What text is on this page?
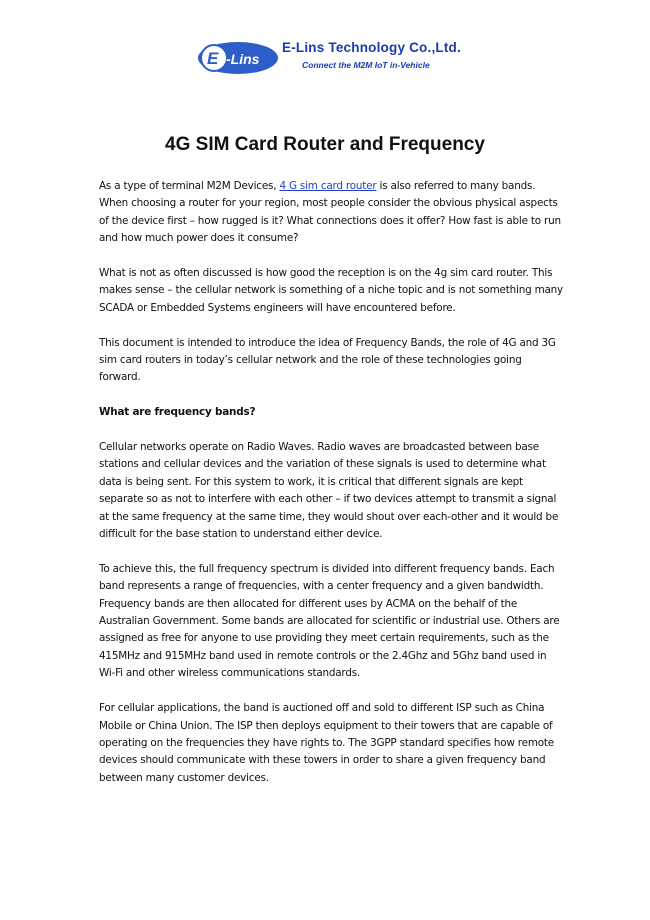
E -Lins
E-Lins Technology Co.,Ltd.
Connect the M2M IoT in-Vehicle
4G SIM Card Router and Frequency

As a type of terminal M2M Devices, 4 G sim card router is also referred to many bands. When choosing a router for your region, most people consider the obvious physical aspects of the device first – how rugged is it? What connections does it offer? How fast is able to run and how much power does it consume?

What is not as often discussed is how good the reception is on the 4g sim card router. This makes sense – the cellular network is something of a niche topic and is not something many SCADA or Embedded Systems engineers will have encountered before.

This document is intended to introduce the idea of Frequency Bands, the role of 4G and 3G sim card routers in today’s cellular network and the role of these technologies going forward.

What are frequency bands?

Cellular networks operate on Radio Waves. Radio waves are broadcasted between base stations and cellular devices and the variation of these signals is used to determine what data is being sent. For this system to work, it is critical that different signals are kept separate so as not to interfere with each other – if two devices attempt to transmit a signal at the same frequency at the same time, they would shout over each-other and it would be difficult for the base station to understand either device.

To achieve this, the full frequency spectrum is divided into different frequency bands. Each band represents a range of frequencies, with a center frequency and a given bandwidth. Frequency bands are then allocated for different uses by ACMA on the behalf of the Australian Government. Some bands are allocated for scientific or industrial use. Others are assigned as free for anyone to use providing they meet certain requirements, such as the 415MHz and 915MHz band used in remote controls or the 2.4Ghz and 5Ghz band used in Wi-Fi and other wireless communications standards.

For cellular applications, the band is auctioned off and sold to different ISP such as China Mobile or China Union. The ISP then deploys equipment to their towers that are capable of operating on the frequencies they have rights to. The 3GPP standard specifies how remote devices should communicate with these towers in order to share a given frequency band between many customer devices.
